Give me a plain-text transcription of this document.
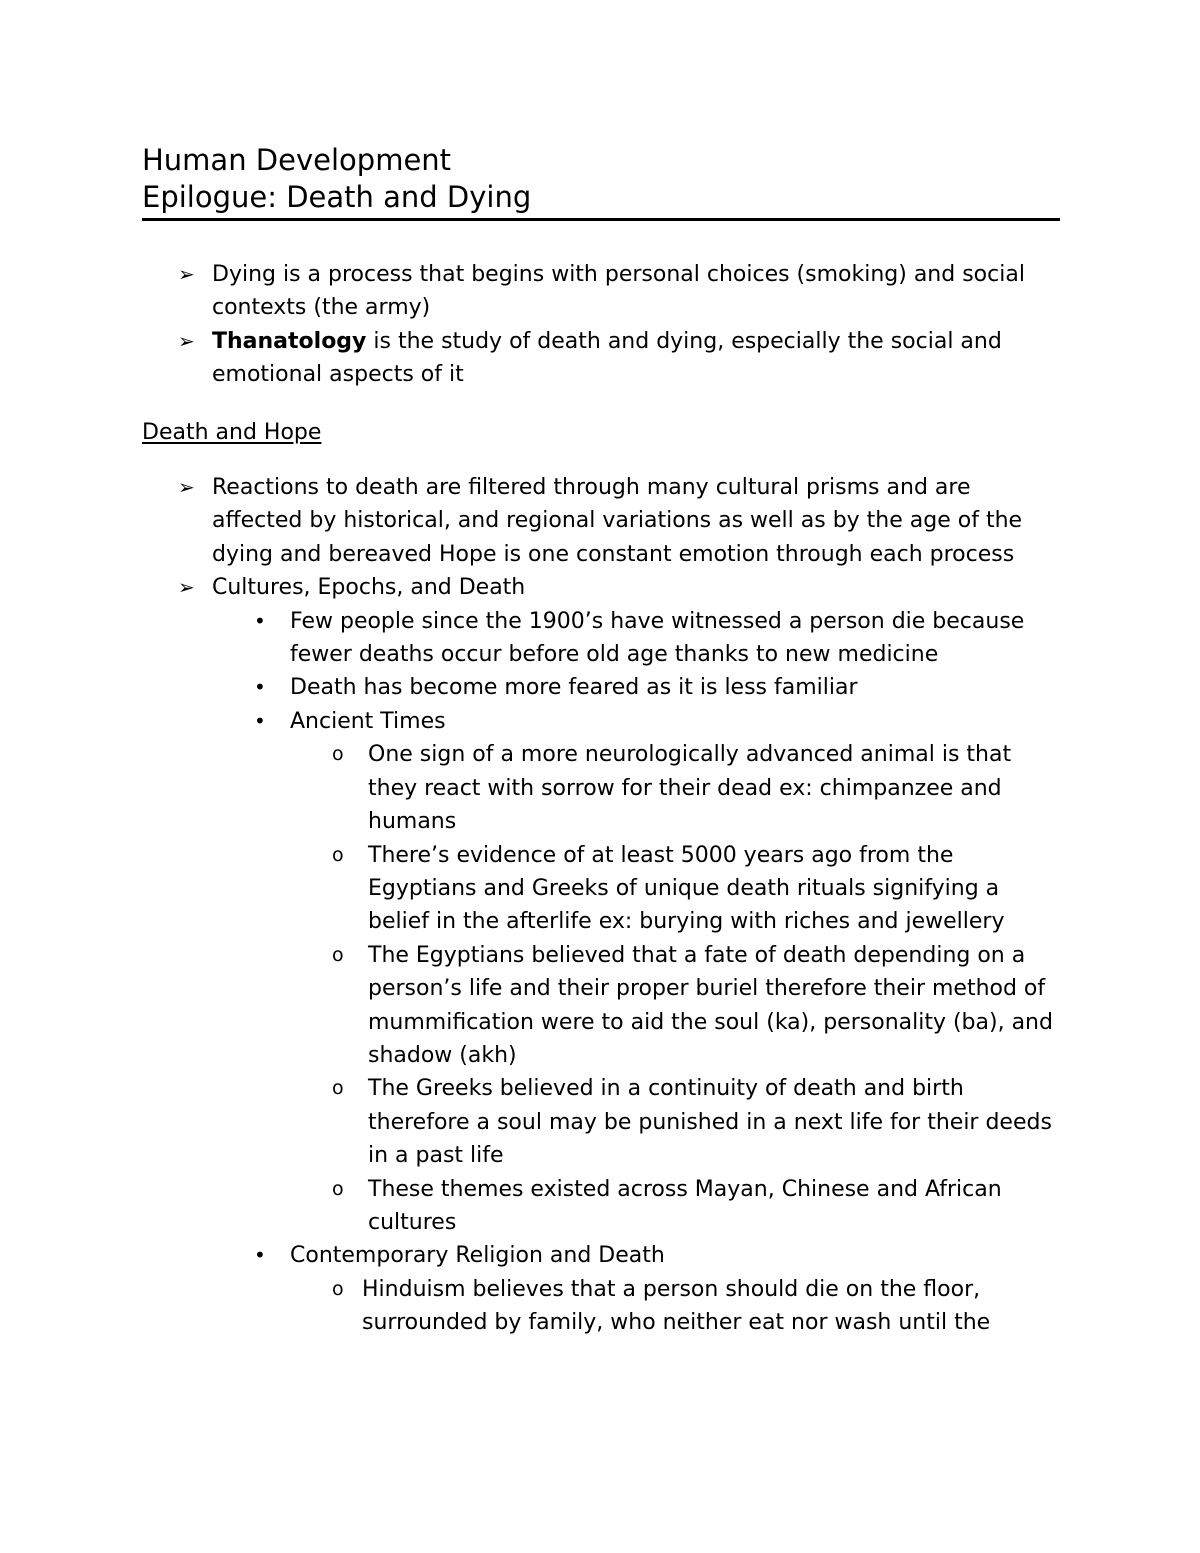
Human Development
Epilogue: Death and Dying
➢ Dying is a process that begins with personal choices (smoking) and social contexts (the army)
➢ Thanatology is the study of death and dying, especially the social and emotional aspects of it
Death and Hope
➢ Reactions to death are filtered through many cultural prisms and are affected by historical, and regional variations as well as by the age of the dying and bereaved Hope is one constant emotion through each process
➢ Cultures, Epochs, and Death
• Few people since the 1900’s have witnessed a person die because fewer deaths occur before old age thanks to new medicine
• Death has become more feared as it is less familiar
• Ancient Times
o One sign of a more neurologically advanced animal is that they react with sorrow for their dead ex: chimpanzee and humans
o There’s evidence of at least 5000 years ago from the Egyptians and Greeks of unique death rituals signifying a belief in the afterlife ex: burying with riches and jewellery
o The Egyptians believed that a fate of death depending on a person’s life and their proper buriel therefore their method of mummification were to aid the soul (ka), personality (ba), and shadow (akh)
o The Greeks believed in a continuity of death and birth therefore a soul may be punished in a next life for their deeds in a past life
o These themes existed across Mayan, Chinese and African cultures
• Contemporary Religion and Death
o Hinduism believes that a person should die on the floor, surrounded by family, who neither eat nor wash until the
